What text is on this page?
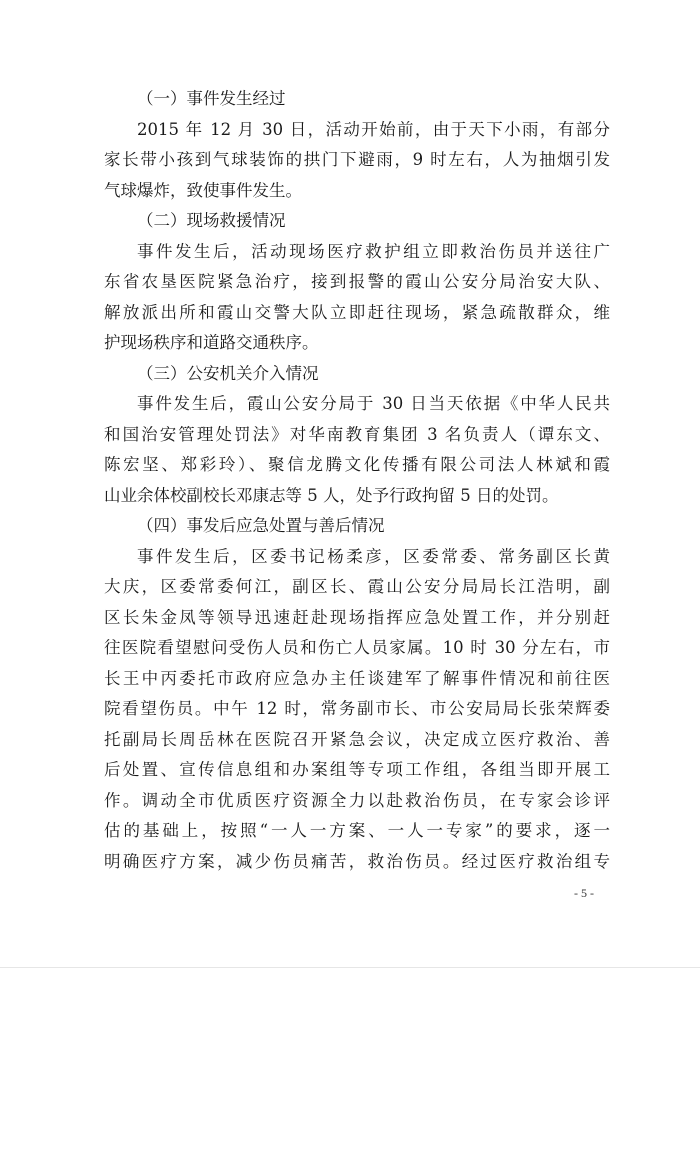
（一）事件发生经过
2015 年 12 月 30 日，活动开始前，由于天下小雨，有部分
家长带小孩到气球装饰的拱门下避雨，9 时左右，人为抽烟引发
气球爆炸，致使事件发生。
（二）现场救援情况
事件发生后，活动现场医疗救护组立即救治伤员并送往广
东省农垦医院紧急治疗，接到报警的霞山公安分局治安大队、
解放派出所和霞山交警大队立即赶往现场，紧急疏散群众，维
护现场秩序和道路交通秩序。
（三）公安机关介入情况
事件发生后，霞山公安分局于 30 日当天依据《中华人民共
和国治安管理处罚法》对华南教育集团 3 名负责人（谭东文、
陈宏坚、郑彩玲）、聚信龙腾文化传播有限公司法人林斌和霞
山业余体校副校长邓康志等 5 人，处予行政拘留 5 日的处罚。
（四）事发后应急处置与善后情况
事件发生后，区委书记杨柔彦，区委常委、常务副区长黄
大庆，区委常委何江，副区长、霞山公安分局局长江浩明，副
区长朱金凤等领导迅速赶赴现场指挥应急处置工作，并分别赶
往医院看望慰问受伤人员和伤亡人员家属。10 时 30 分左右，市
长王中丙委托市政府应急办主任谈建军了解事件情况和前往医
院看望伤员。中午 12 时，常务副市长、市公安局局长张荣辉委
托副局长周岳林在医院召开紧急会议，决定成立医疗救治、善
后处置、宣传信息组和办案组等专项工作组，各组当即开展工
作。调动全市优质医疗资源全力以赴救治伤员，在专家会诊评
估的基础上，按照“一人一方案、一人一专家”的要求，逐一
明确医疗方案，减少伤员痛苦，救治伤员。经过医疗救治组专
- 5 -
